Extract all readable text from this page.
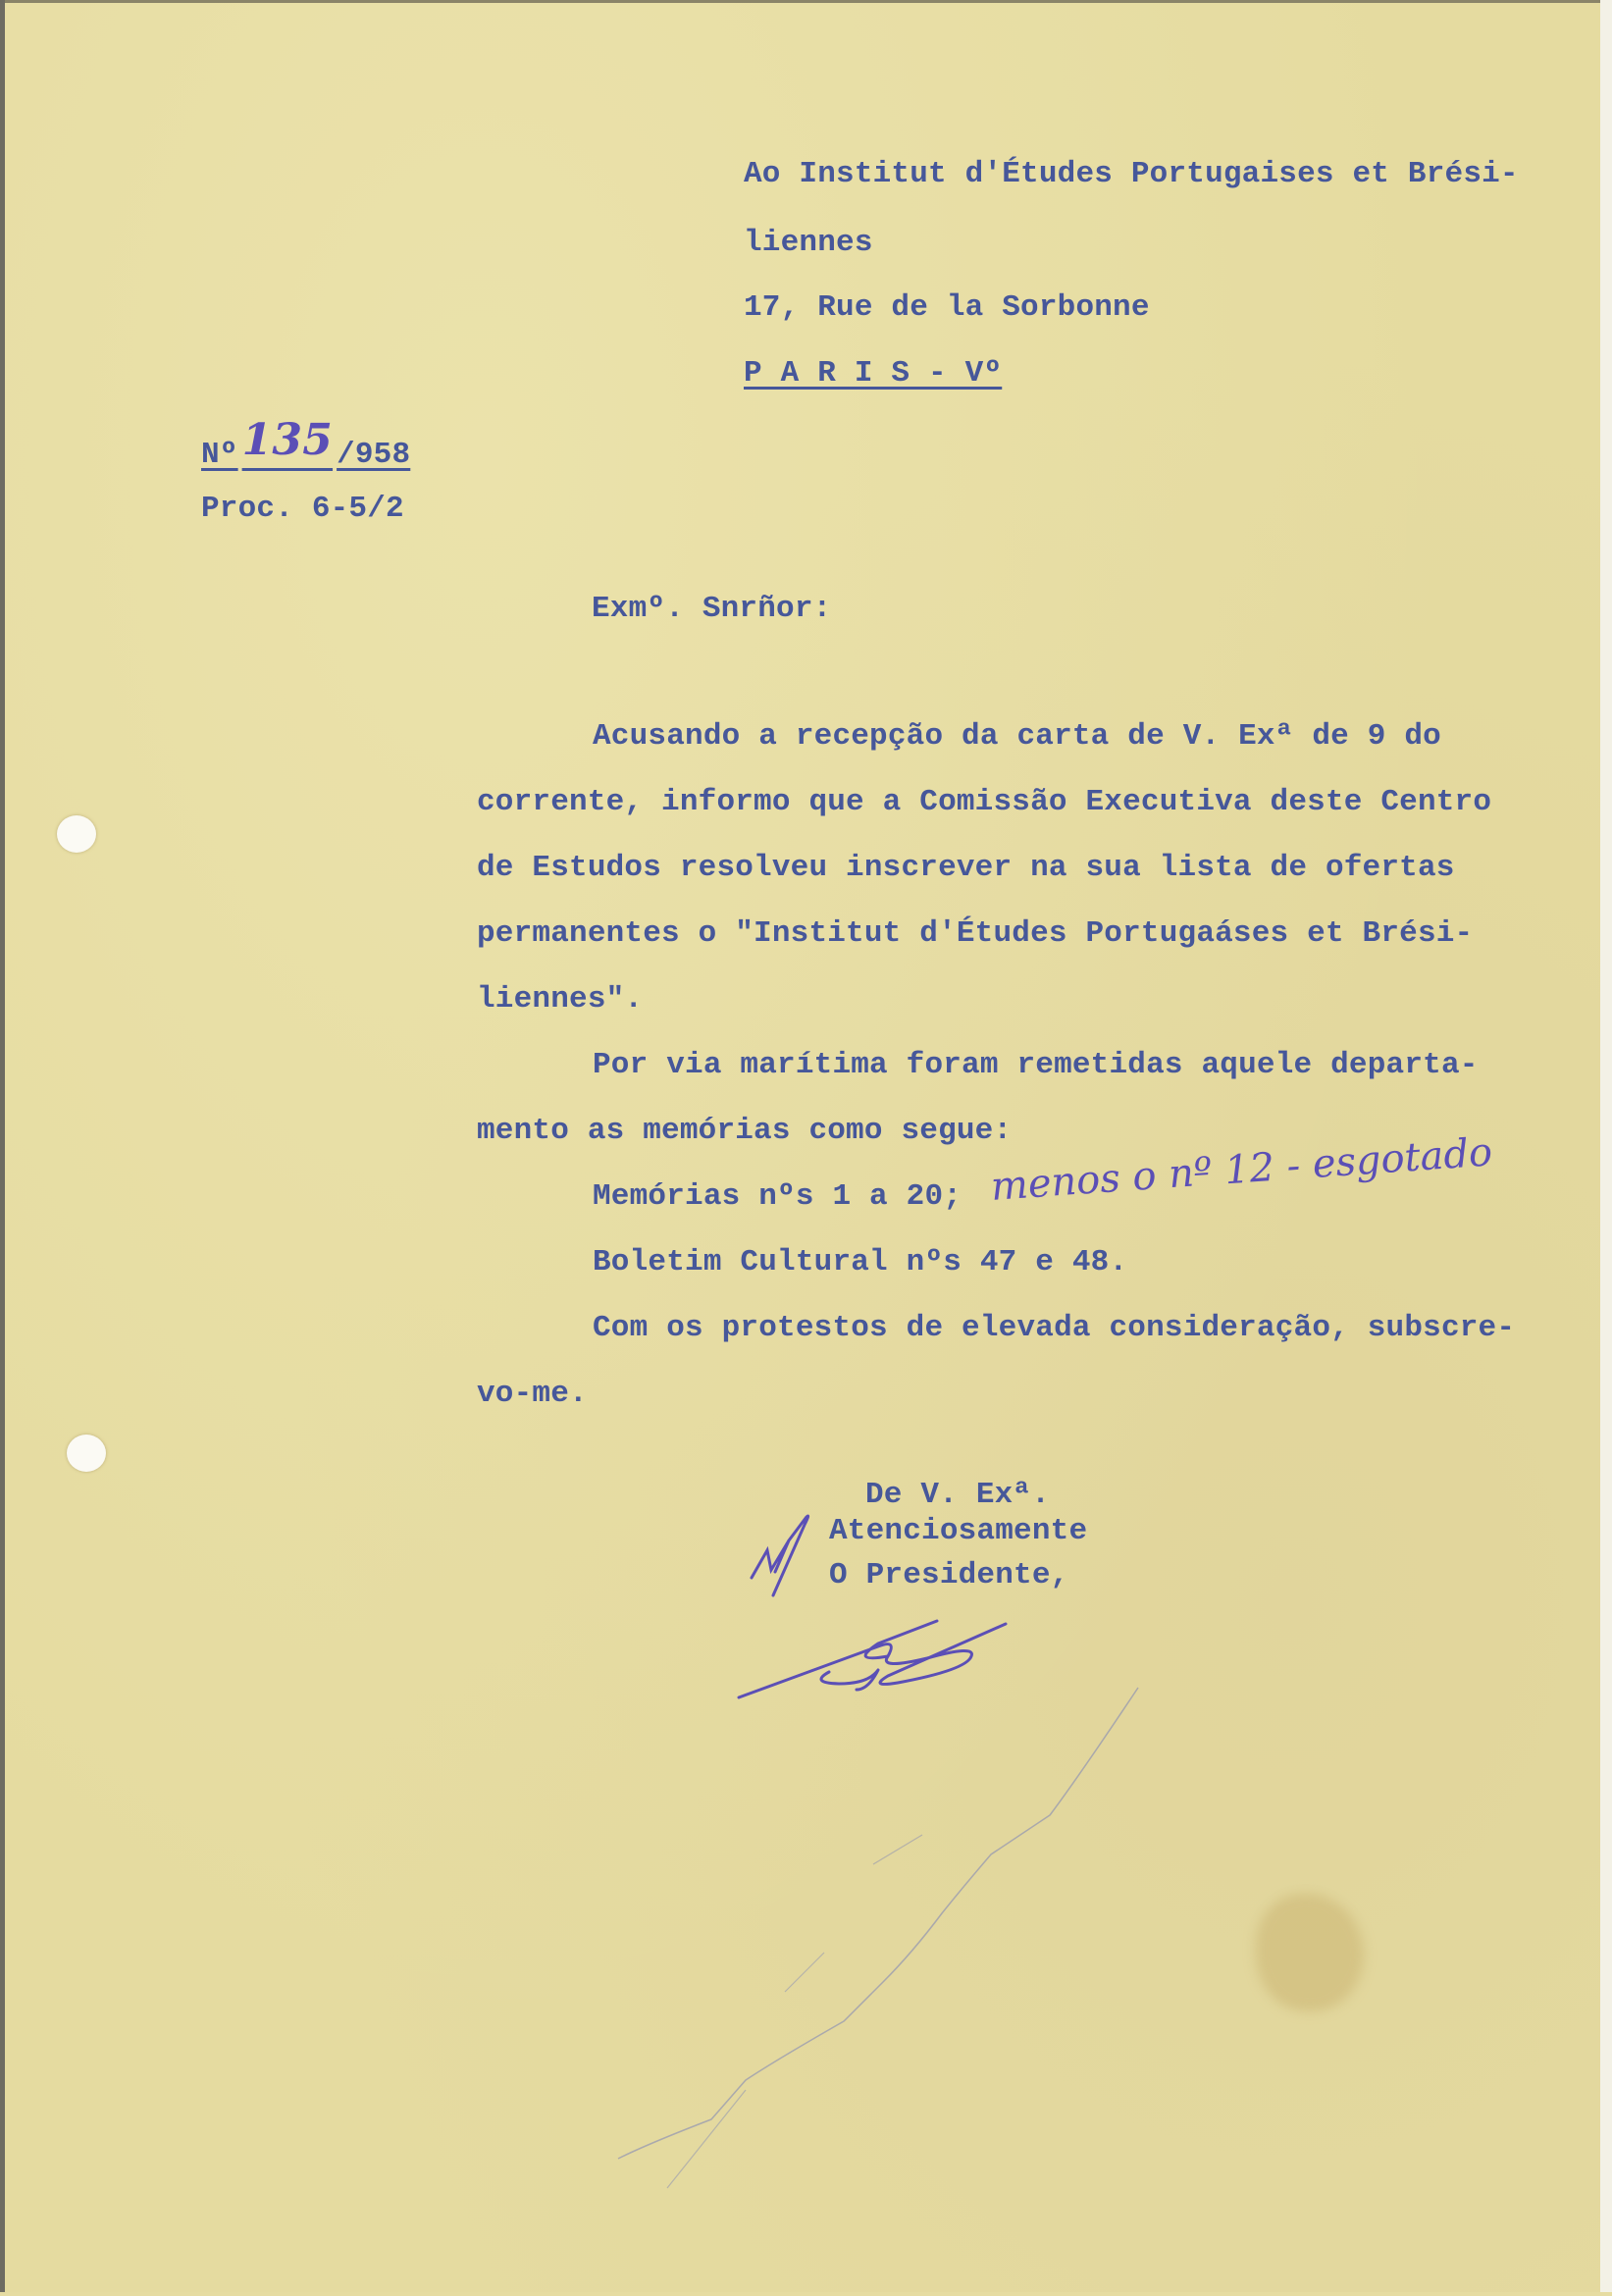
Ao Institut d'Études Portugaises et Brési-
liennes
17, Rue de la Sorbonne
P A R I S - Vº
Nº135 /958
Proc. 6-5/2
Exmº. Snrñor:
Acusando a recepção da carta de V. Exª de 9 do
corrente, informo que a Comissão Executiva deste Centro
de Estudos resolveu inscrever na sua lista de ofertas
permanentes o "Institut d'Études Portugaáses et Brési-
liennes".
Por via marítima foram remetidas aquele departa-
mento as memórias como segue:
Memórias nºs 1 a 20; menos o nº 12 - esgotado
Boletim Cultural nºs 47 e 48.
Com os protestos de elevada consideração, subscre-
vo-me.
De V. Exª.
Atenciosamente
O Presidente,
